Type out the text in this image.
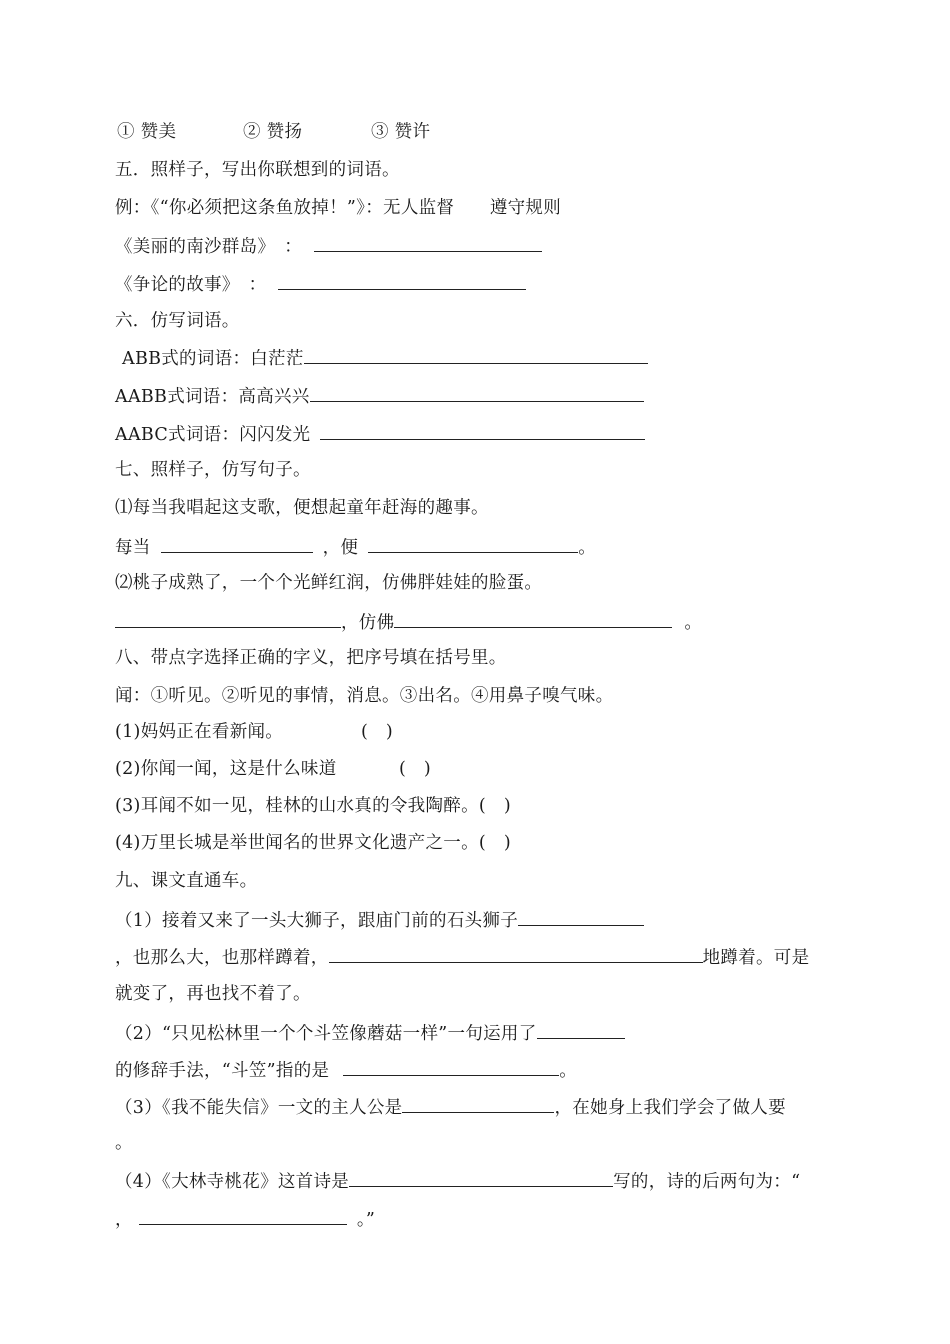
① 赞美	② 赞扬	③ 赞许
五．照样子，写出你联想到的词语。
例：《“你必须把这条鱼放掉！”》：无人监督　　遵守规则
《美丽的南沙群岛》　：
《争论的故事》　：
六．仿写词语。
ABB式的词语：白茫茫
AABB式词语：高高兴兴
AABC式词语：闪闪发光
七、照样子，仿写句子。
⑴每当我唱起这支歌，便想起童年赶海的趣事。
每当	，便	。
⑵桃子成熟了，一个个光鲜红润，仿佛胖娃娃的脸蛋。
，仿佛	。
八、带点字选择正确的字义，把序号填在括号里。
闻：①听见。②听见的事情，消息。③出名。④用鼻子嗅气味。
(1)妈妈正在看新闻。	(　)
(2)你闻一闻，这是什么味道	(　)
(3)耳闻不如一见，桂林的山水真的令我陶醉。(　)
(4)万里长城是举世闻名的世界文化遗产之一。(　)
九、课文直通车。
（1）接着又来了一头大狮子，跟庙门前的石头狮子
，也那么大，也那样蹲着，	地蹲着。可是
就变了，再也找不着了。
（2）“只见松林里一个个斗笠像蘑菇一样”一句运用了
的修辞手法，“斗笠”指的是	。
（3）《我不能失信》一文的主人公是	，在她身上我们学会了做人要
。
（4）《大林寺桃花》这首诗是	写的，诗的后两句为：“
，	。”
